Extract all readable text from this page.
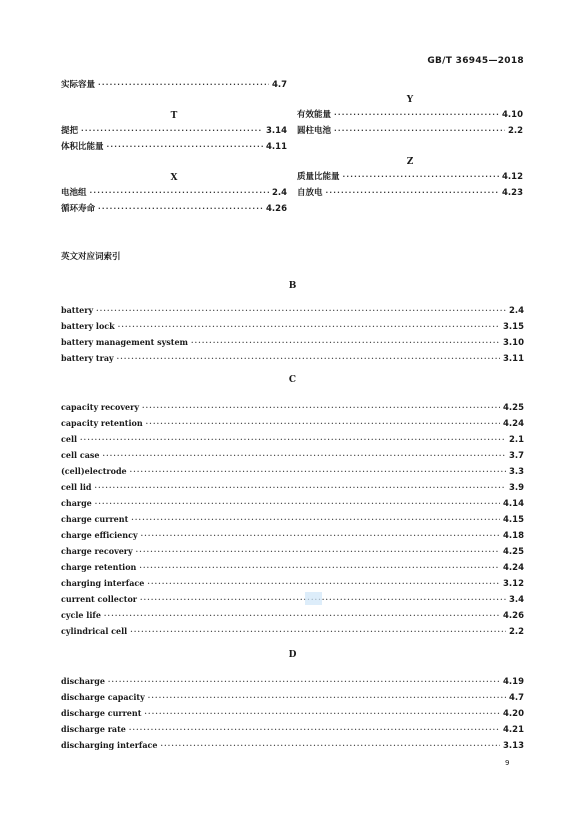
GB/T 36945—2018
实际容量 ·····	4.7
T
提把 ·····	3.14
体积比能量 ·····	4.11
X
电池组 ·····	2.4
循环寿命 ·····	4.26
Y
有效能量 ·····	4.10
圆柱电池 ·····	2.2
Z
质量比能量 ·····	4.12
自放电 ·····	4.23
英文对应词索引
B
battery ·····	2.4
battery lock ·····	3.15
battery management system ·····	3.10
battery tray ·····	3.11
C
capacity recovery ·····	4.25
capacity retention ·····	4.24
cell ·····	2.1
cell case ·····	3.7
(cell)electrode ·····	3.3
cell lid ·····	3.9
charge ·····	4.14
charge current ·····	4.15
charge efficiency ·····	4.18
charge recovery ·····	4.25
charge retention ·····	4.24
charging interface ·····	3.12
current collector ·····	3.4
cycle life ·····	4.26
cylindrical cell ·····	2.2
D
discharge ·····	4.19
discharge capacity ·····	4.7
discharge current ·····	4.20
discharge rate ·····	4.21
discharging interface ·····	3.13
9
